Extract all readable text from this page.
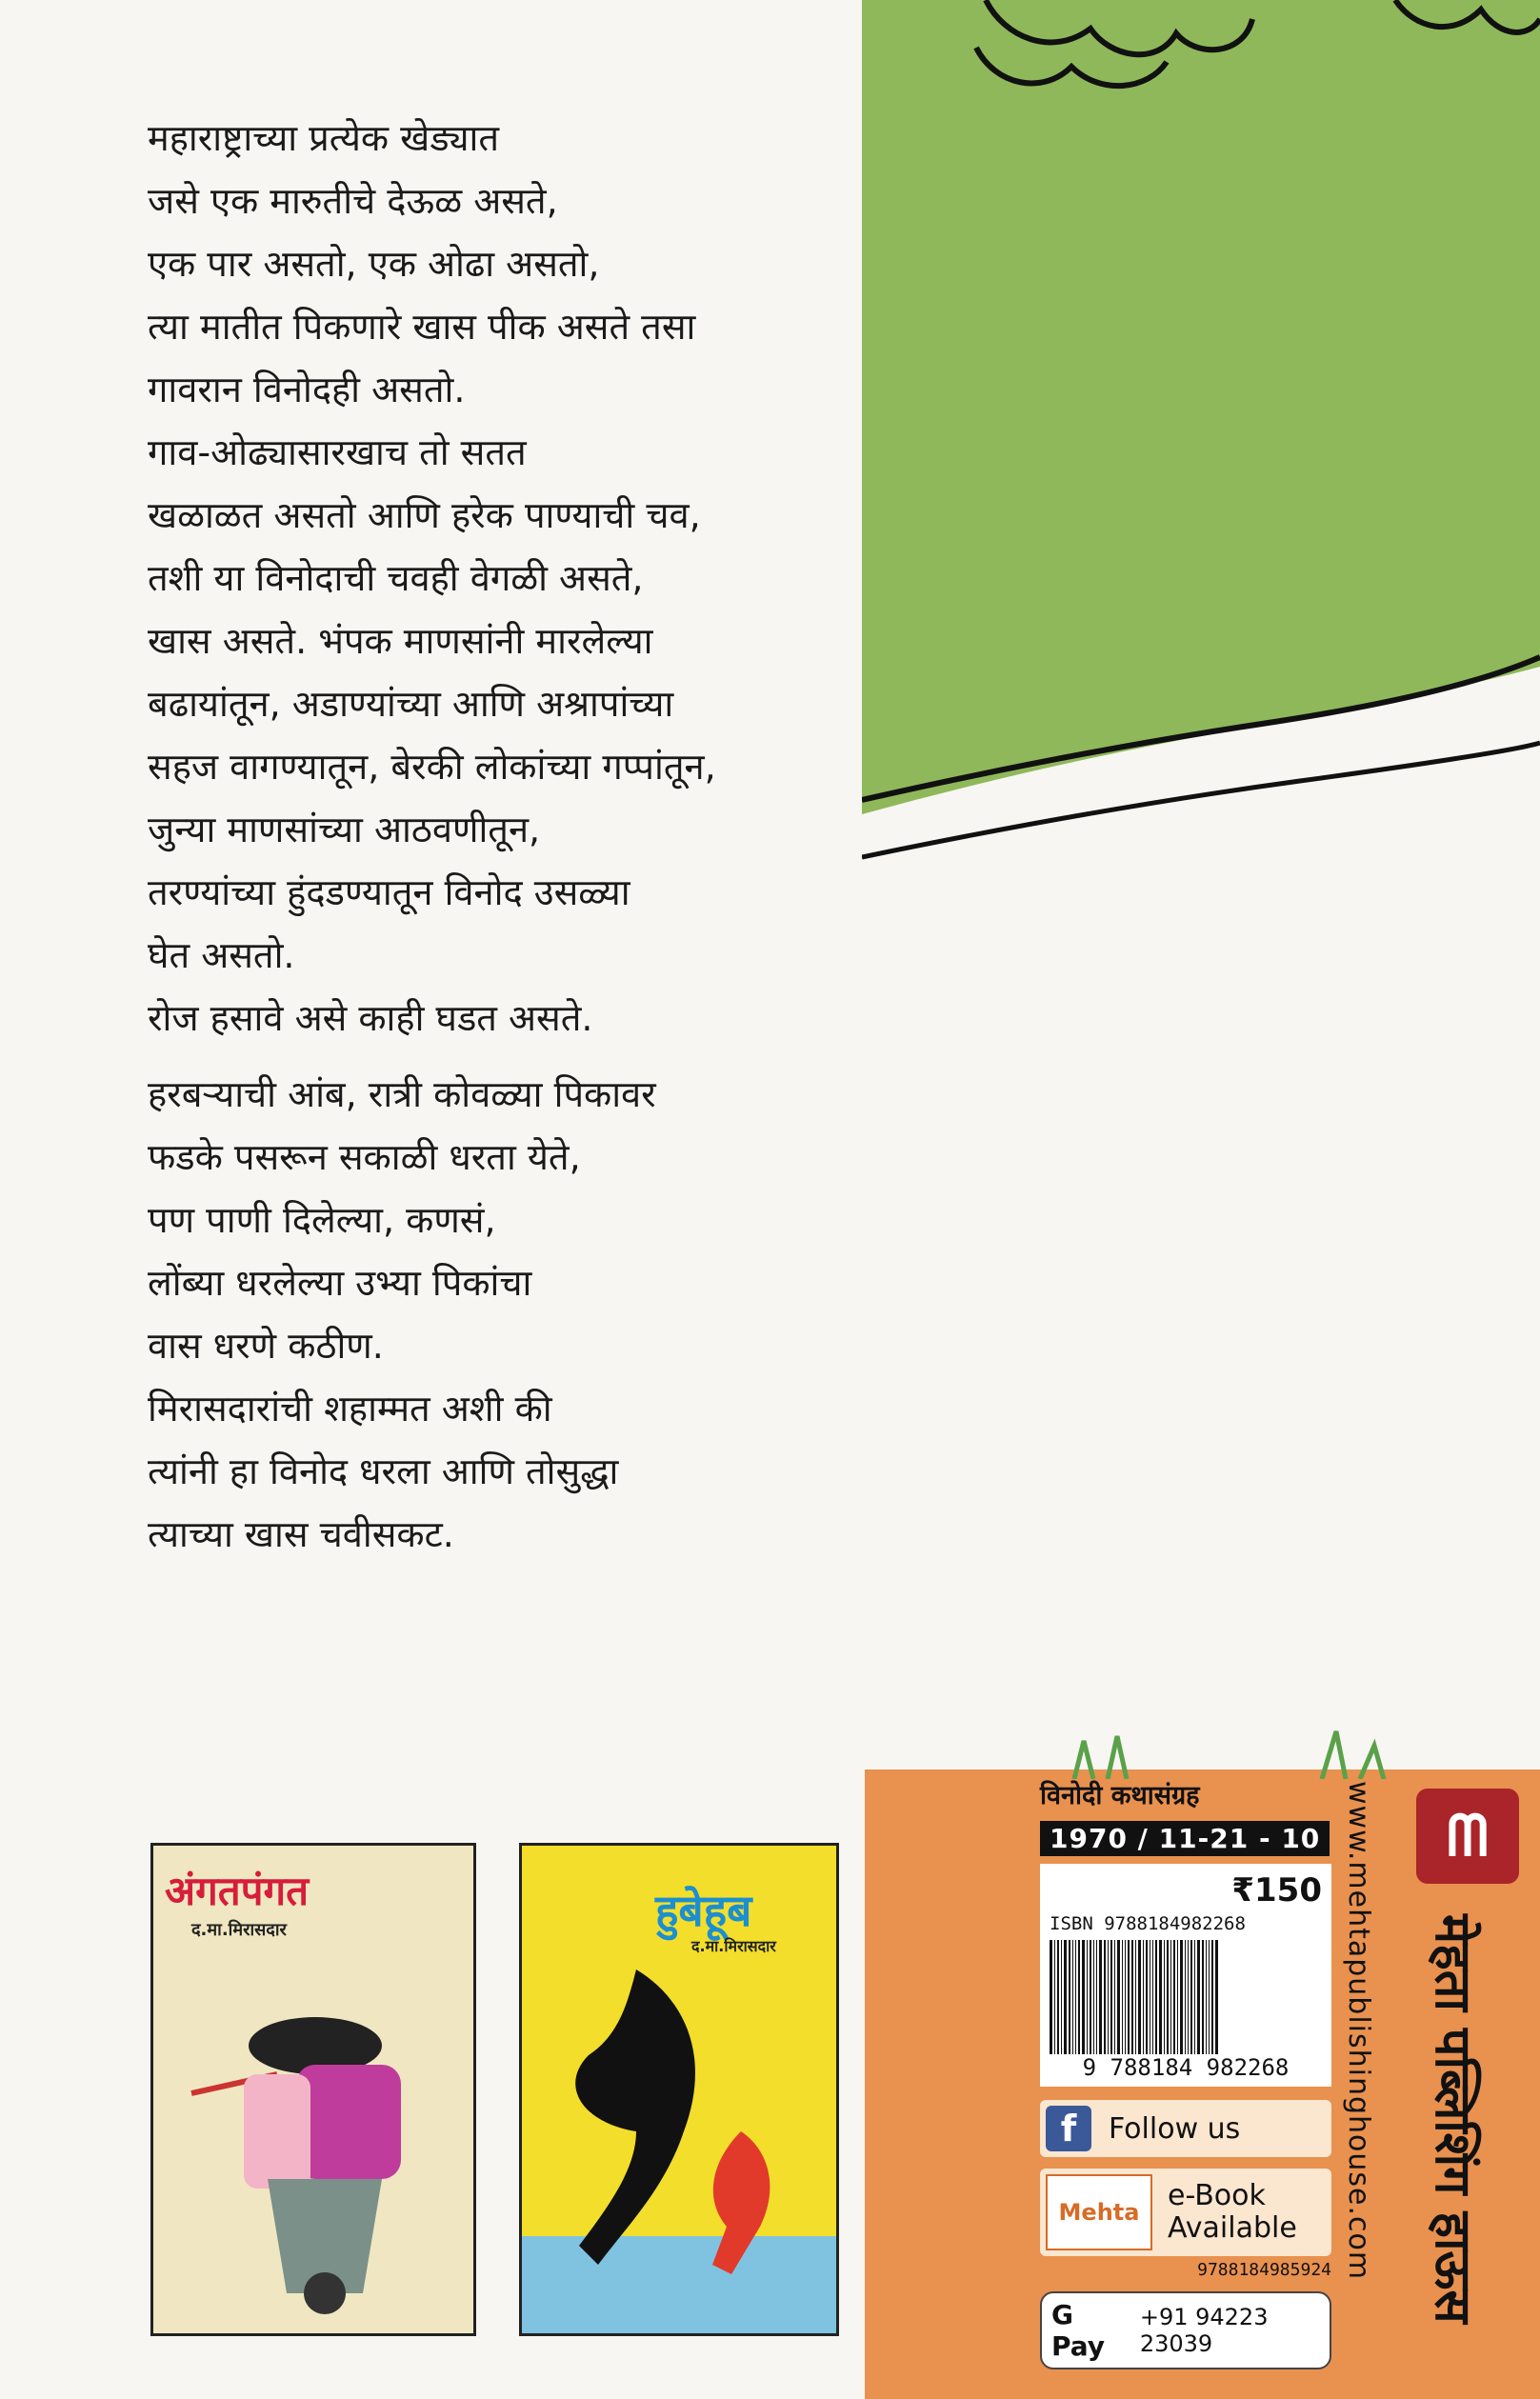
महाराष्ट्राच्या प्रत्येक खेड्यात

जसे एक मारुतीचे देऊळ असते,

एक पार असतो, एक ओढा असतो,

त्या मातीत पिकणारे खास पीक असते तसा

गावरान विनोदही असतो.

गाव-ओढ्यासारखाच तो सतत

खळाळत असतो आणि हरेक पाण्याची चव,

तशी या विनोदाची चवही वेगळी असते,

खास असते. भंपक माणसांनी मारलेल्या

बढायांतून, अडाण्यांच्या आणि अश्रापांच्या

सहज वागण्यातून, बेरकी लोकांच्या गप्पांतून,

जुन्या माणसांच्या आठवणीतून,

तरण्यांच्या हुंदडण्यातून विनोद उसळ्या

घेत असतो.

रोज हसावे असे काही घडत असते.

हरबऱ्याची आंब, रात्री कोवळ्या पिकावर

फडके पसरून सकाळी धरता येते,

पण पाणी दिलेल्या, कणसं,

लोंब्या धरलेल्या उभ्या पिकांचा

वास धरणे कठीण.

मिरासदारांची शहाम्मत अशी की

त्यांनी हा विनोद धरला आणि तोसुद्धा

त्याच्या खास चवीसकट.

विनोदी कथासंग्रह
1970 / 11-21 - 10
₹150
ISBN 9788184982268
9 788184 982268
f	Follow us
Mehta e-Book
Available
9788184985924
G Pay
+91 94223 23039
www.mehtapublishinghouse.com	ᗰ
मेहता पब्लिशिंग हाऊस
अंगतपंगत
द.मा.मिरासदार	हुबेहूब
द.मा.मिरासदार
